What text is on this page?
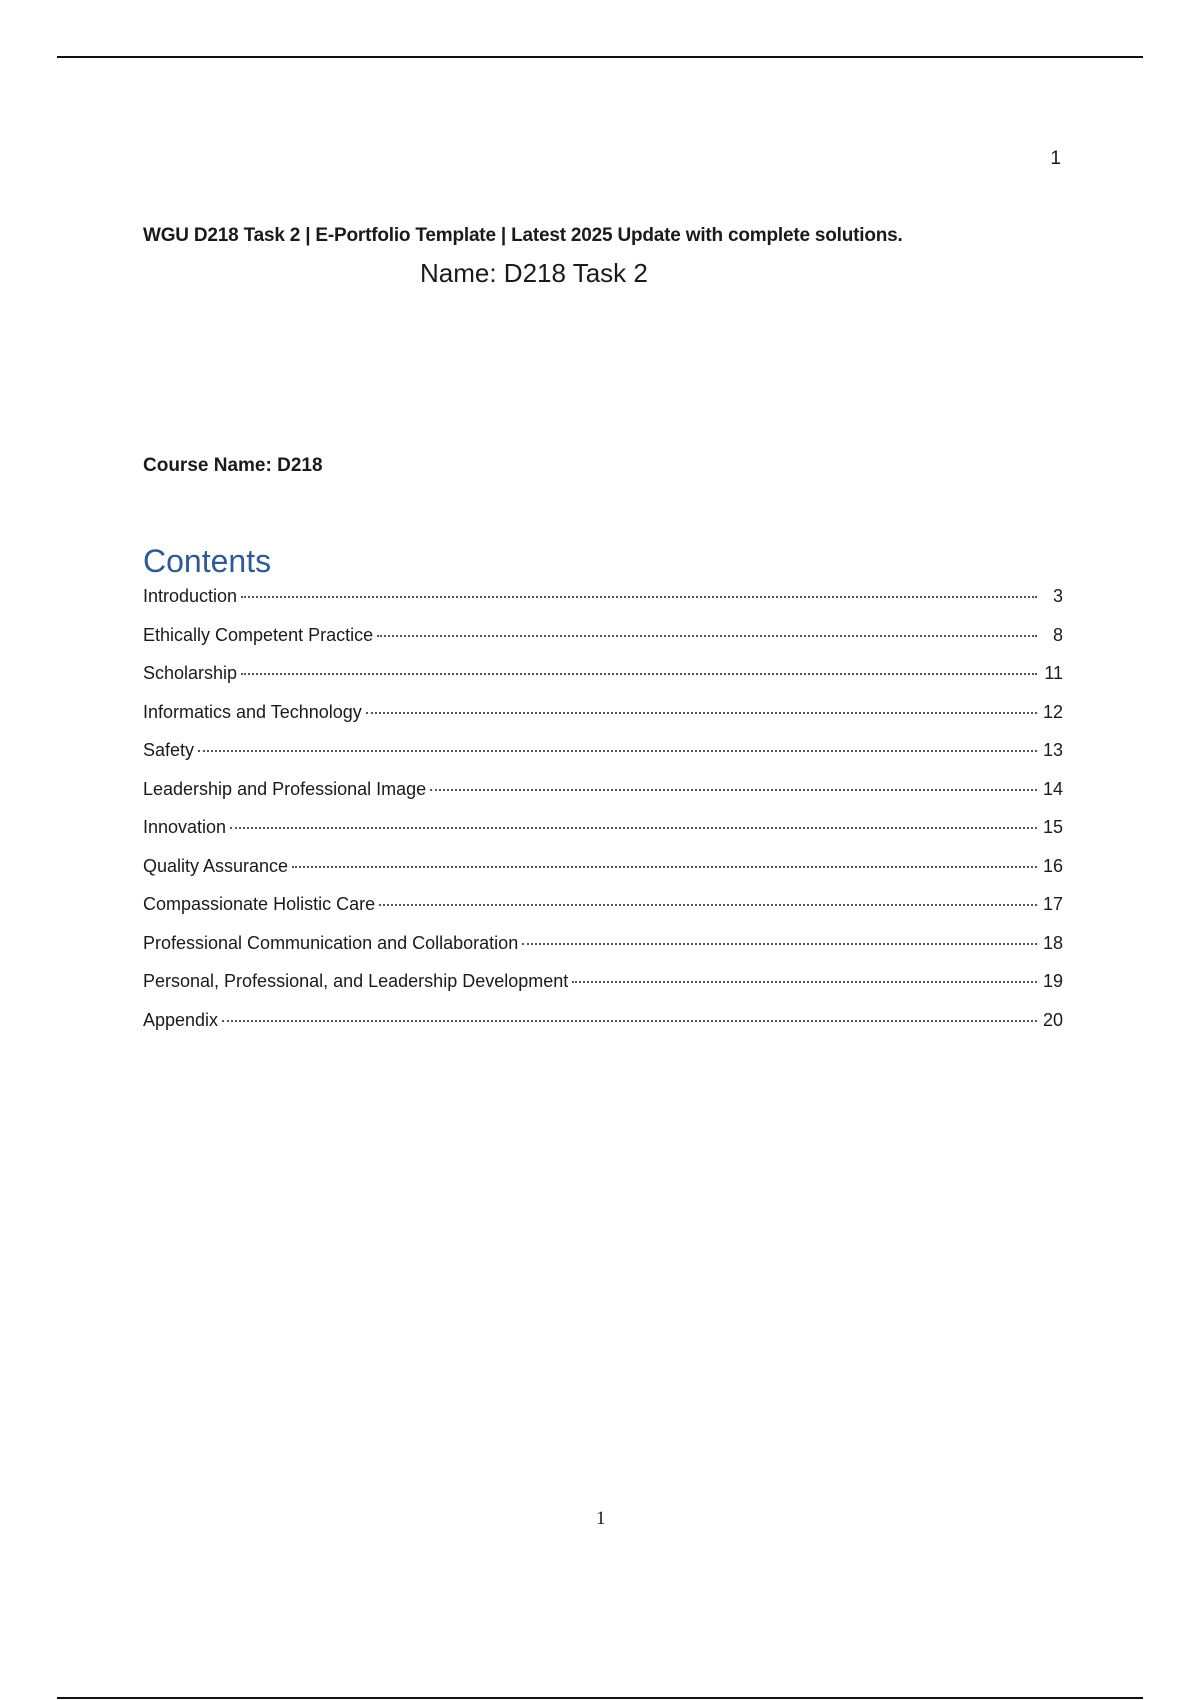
1
WGU D218 Task 2 | E-Portfolio Template | Latest 2025 Update with complete solutions.
Name: D218 Task 2
Course Name: D218
Contents
Introduction	3
Ethically Competent Practice	8
Scholarship	11
Informatics and Technology	12
Safety	13
Leadership and Professional Image	14
Innovation	15
Quality Assurance	16
Compassionate Holistic Care	17
Professional Communication and Collaboration	18
Personal, Professional, and Leadership Development	19
Appendix	20
1
